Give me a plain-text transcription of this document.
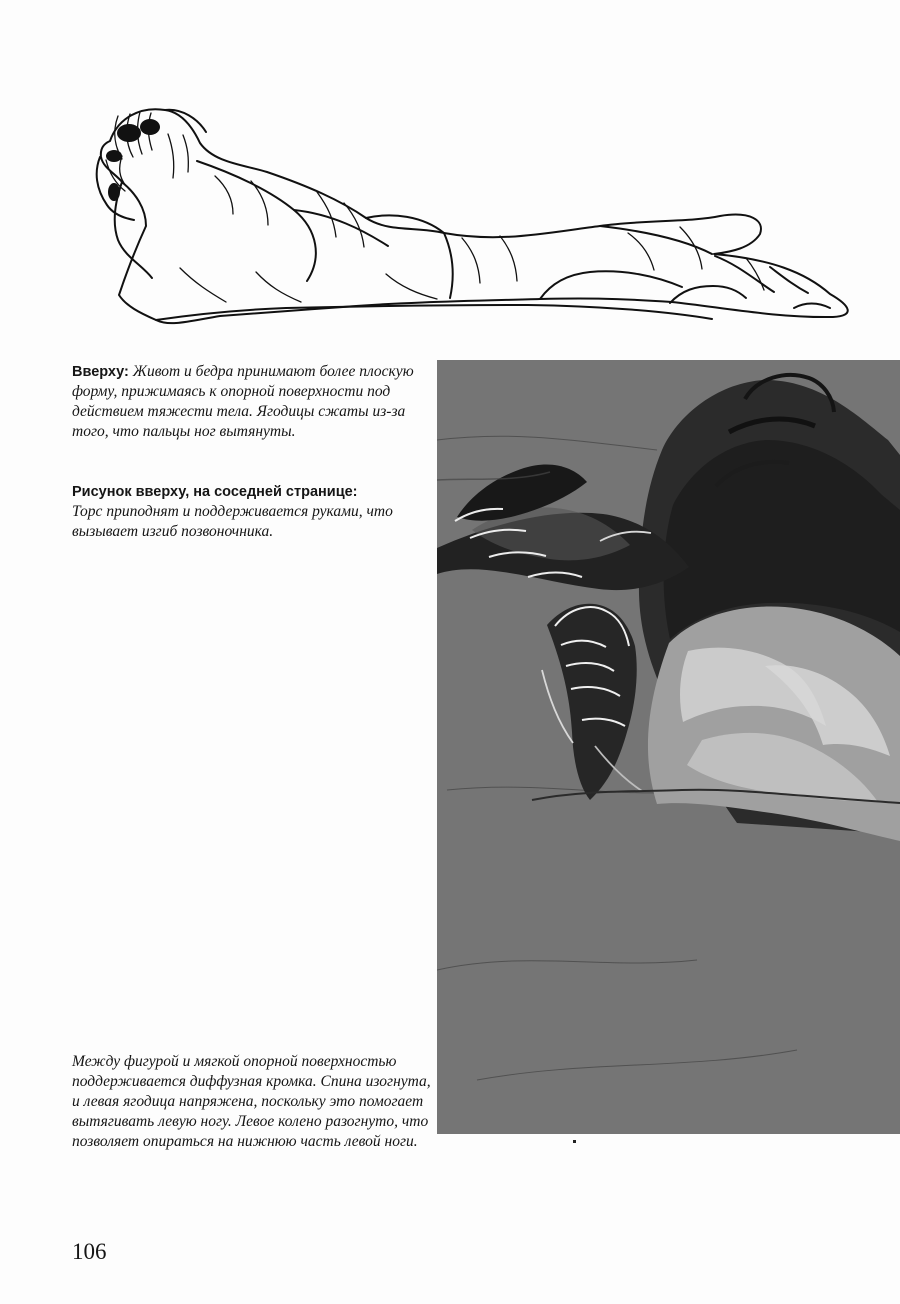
Вверху: Живот и бедра принимают более плоскую форму, прижимаясь к опорной поверхности под действием тяжести тела. Ягодицы сжаты из-за того, что пальцы ног вытянуты.
Рисунок вверху, на соседней странице:
Торс приподнят и поддерживается руками, что вызывает изгиб позвоночника.
Между фигурой и мягкой опорной поверхностью поддерживается диффузная кромка. Спина изогнута, и левая ягодица напряжена, поскольку это помогает вытягивать левую ногу. Левое колено разогнуто, что позволяет опираться на нижнюю часть левой ноги.
106
